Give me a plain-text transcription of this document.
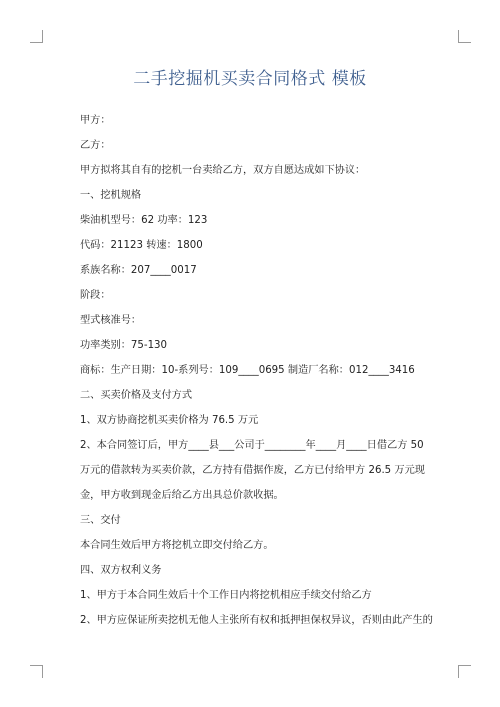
二手挖掘机买卖合同格式 模板

甲方：

乙方：

甲方拟将其自有的挖机一台卖给乙方，双方自愿达成如下协议：

一、挖机规格

柴油机型号：62 功率：123

代码：21123 转速：1800

系族名称：207____0017

阶段：

型式核准号：

功率类别：75-130

商标：生产日期：10-系列号：109____0695 制造厂名称：012____3416

二、买卖价格及支付方式

1、双方协商挖机买卖价格为 76.5 万元

2、本合同签订后，甲方____县___公司于________年____月____日借乙方 50 万元的借款转为买卖价款，乙方持有借据作废，乙方已付给甲方 26.5 万元现金，甲方收到现金后给乙方出具总价款收据。

三、交付

本合同生效后甲方将挖机立即交付给乙方。

四、双方权利义务

1、甲方于本合同生效后十个工作日内将挖机相应手续交付给乙方

2、甲方应保证所卖挖机无他人主张所有权和抵押担保权异议，否则由此产生的
